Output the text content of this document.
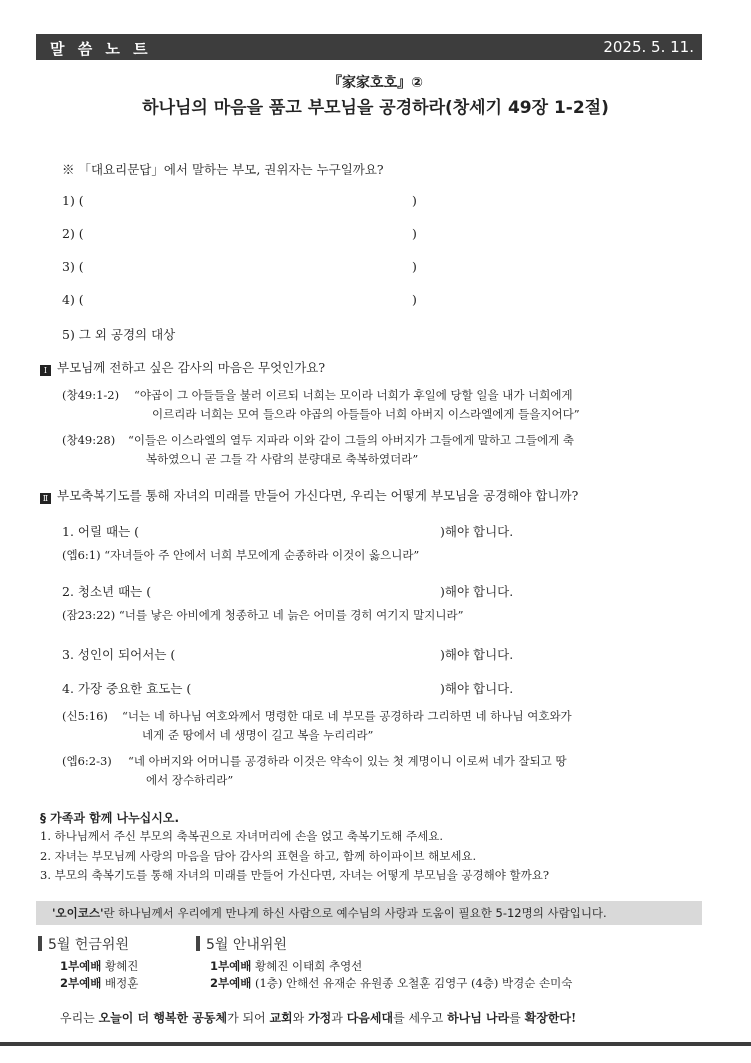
말 씀 노 트	2025. 5. 11.
『家家호호』②
하나님의 마음을 품고 부모님을 공경하라(창세기 49장 1-2절)
※ 「대요리문답」에서 말하는 부모, 권위자는 누구일까요?
1) (	)
2) (	)
3) (	)
4) (	)
5) 그 외 공경의 대상
Ⅰ 부모님께 전하고 싶은 감사의 마음은 무엇인가요?
(창49:1-2) “야곱이 그 아들들을 불러 이르되 너희는 모이라 너희가 후일에 당할 일을 내가 너희에게
이르리라 너희는 모여 들으라 야곱의 아들들아 너희 아버지 이스라엘에게 들을지어다”
(창49:28) “이들은 이스라엘의 열두 지파라 이와 같이 그들의 아버지가 그들에게 말하고 그들에게 축
복하였으니 곧 그들 각 사람의 분량대로 축복하였더라”
Ⅱ 부모축복기도를 통해 자녀의 미래를 만들어 가신다면, 우리는 어떻게 부모님을 공경해야 합니까?
1. 어릴 때는 (	)해야 합니다.
(엡6:1) “자녀들아 주 안에서 너희 부모에게 순종하라 이것이 옳으니라”
2. 청소년 때는 (	)해야 합니다.
(잠23:22) “너를 낳은 아비에게 청종하고 네 늙은 어미를 경히 여기지 말지니라”
3. 성인이 되어서는 (	)해야 합니다.
4. 가장 중요한 효도는 (	)해야 합니다.
(신5:16) “너는 네 하나님 여호와께서 명령한 대로 네 부모를 공경하라 그리하면 네 하나님 여호와가
네게 준 땅에서 네 생명이 길고 복을 누리리라”
(엡6:2-3) “네 아버지와 어머니를 공경하라 이것은 약속이 있는 첫 계명이니 이로써 네가 잘되고 땅
에서 장수하리라”
§ 가족과 함께 나누십시오.
1. 하나님께서 주신 부모의 축복권으로 자녀머리에 손을 얹고 축복기도해 주세요.
2. 자녀는 부모님께 사랑의 마음을 담아 감사의 표현을 하고, 함께 하이파이브 해보세요.
3. 부모의 축복기도를 통해 자녀의 미래를 만들어 가신다면, 자녀는 어떻게 부모님을 공경해야 할까요?
'오이코스'란 하나님께서 우리에게 만나게 하신 사람으로 예수님의 사랑과 도움이 필요한 5-12명의 사람입니다.
5월 헌금위원
1부예배 황혜진
2부예배 배정훈
5월 안내위원
1부예배 황혜진 이태희 추영선
2부예배 (1층) 안해선 유재순 유원종 오철훈 김영구 (4층) 박경순 손미숙
우리는 오늘이 더 행복한 공동체가 되어 교회와 가정과 다음세대를 세우고 하나님 나라를 확장한다!
